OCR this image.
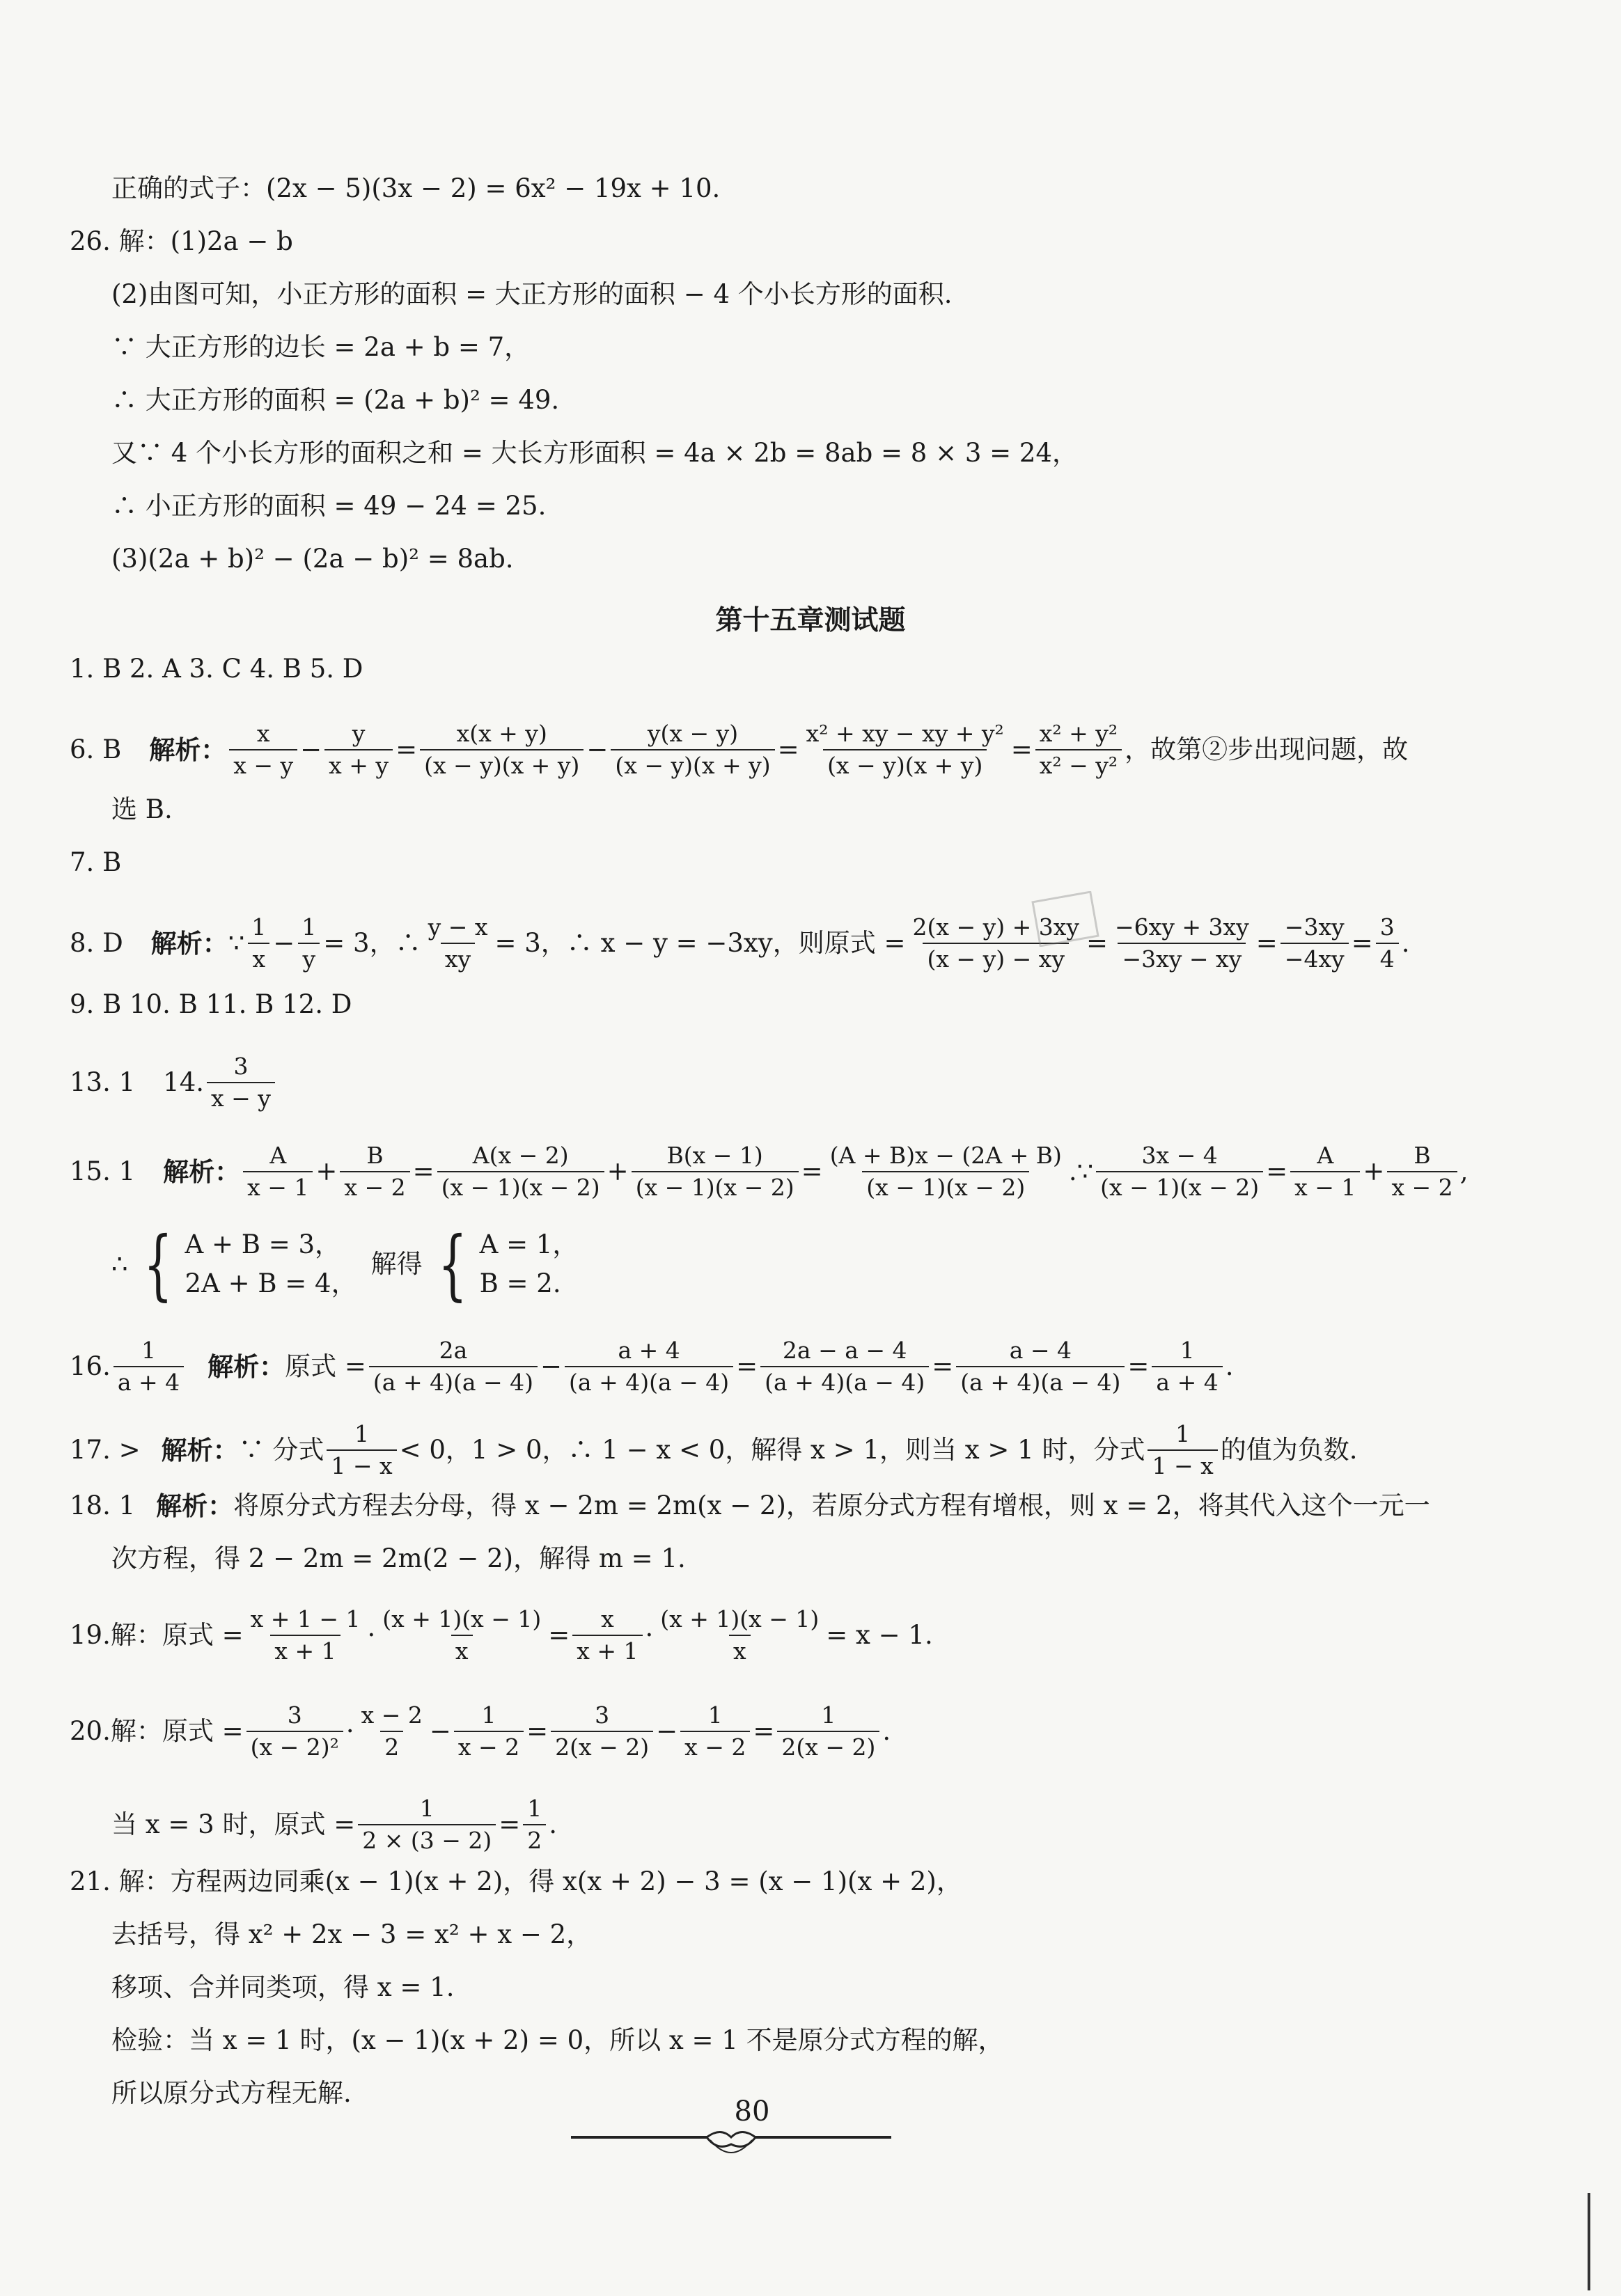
正确的式子：(2x − 5)(3x − 2) = 6x² − 19x + 10.
26. 解：(1)2a − b
(2)由图可知，小正方形的面积 = 大正方形的面积 − 4 个小长方形的面积.
∵ 大正方形的边长 = 2a + b = 7，
∴ 大正方形的面积 = (2a + b)² = 49.
又∵ 4 个小长方形的面积之和 = 大长方形面积 = 4a × 2b = 8ab = 8 × 3 = 24，
∴ 小正方形的面积 = 49 − 24 = 25.
(3)(2a + b)² − (2a − b)² = 8ab.
第十五章测试题
1. B 2. A 3. C 4. B 5. D
6. B 解析： $\frac{x}{x - y} - \frac{y}{x + y} = \frac{x(x + y)}{(x - y)(x + y)} - \frac{y(x - y)}{(x - y)(x + y)} = \frac{\text{x² + xy − xy + y²}}{(x - y)(x + y)} = \frac{\text{x² + y²}}{\text{x² − y²}}$ ，故第②步出现问题，故
选 B.
7. B
8. D 解析： ∵ $\frac{1}{x} - \frac{1}{y} = 3$，∴ $\frac{y - x}{xy} = 3$，∴ x − y = −3xy，则原式 = $\frac{2(x - y) + 3xy}{(x - y) - xy} = \frac{-6xy + 3xy}{-3xy - xy} = \frac{-3xy}{-4xy} = \frac{3}{4}$ .
9. B 10. B 11. B 12. D
13. 1 14. $\frac{3}{x - y}$
15. 1 解析： $\frac{A}{x - 1} + \frac{B}{x - 2} = \frac{A(x - 2)}{(x - 1)(x - 2)} + \frac{B(x - 1)}{(x - 1)(x - 2)} = \frac{(A + B)x - (2A + B)}{(x - 1)(x - 2)}$ . ∵ $\frac{3x - 4}{(x - 1)(x - 2)} = \frac{A}{x - 1} + \frac{B}{x - 2}$ ,
∴ { A + B = 3，
2A + B = 4，
解得 { A = 1，
B = 2.
16. $\frac{1}{a + 4}$ 解析： 原式 = $\frac{2a}{(a + 4)(a - 4)} - \frac{a + 4}{(a + 4)(a - 4)} = \frac{2a - a - 4}{(a + 4)(a - 4)} = \frac{a - 4}{(a + 4)(a - 4)} = \frac{1}{a + 4}$ .
17. > 解析： ∵ 分式 $\frac{1}{1 - x} < 0$，1 > 0，∴ 1 − x < 0，解得 x > 1，则当 x > 1 时，分式 $\frac{1}{1 - x}$ 的值为负数.
18. 1 解析： 将原分式方程去分母，得 x − 2m = 2m(x − 2)，若原分式方程有增根，则 x = 2，将其代入这个一元一
次方程，得 2 − 2m = 2m(2 − 2)，解得 m = 1.
19. 解：原式 = $\frac{x + 1 - 1}{x + 1} \cdot \frac{(x + 1)(x - 1)}{x} = \frac{x}{x + 1} \cdot \frac{(x + 1)(x - 1)}{x} = x - 1$.
20. 解：原式 = $\frac{3}{\text{(x − 2)²}} \cdot \frac{x - 2}{2} - \frac{1}{x - 2} = \frac{3}{2(x - 2)} - \frac{1}{x - 2} = \frac{1}{2(x - 2)}$ .
当 x = 3 时，原式 = $\frac{1}{2 \times (3 - 2)} = \frac{1}{2}$ .
21. 解：方程两边同乘(x − 1)(x + 2)，得 x(x + 2) − 3 = (x − 1)(x + 2)，
去括号，得 x² + 2x − 3 = x² + x − 2，
移项、合并同类项，得 x = 1.
检验：当 x = 1 时，(x − 1)(x + 2) = 0，所以 x = 1 不是原分式方程的解，
所以原分式方程无解.
80
